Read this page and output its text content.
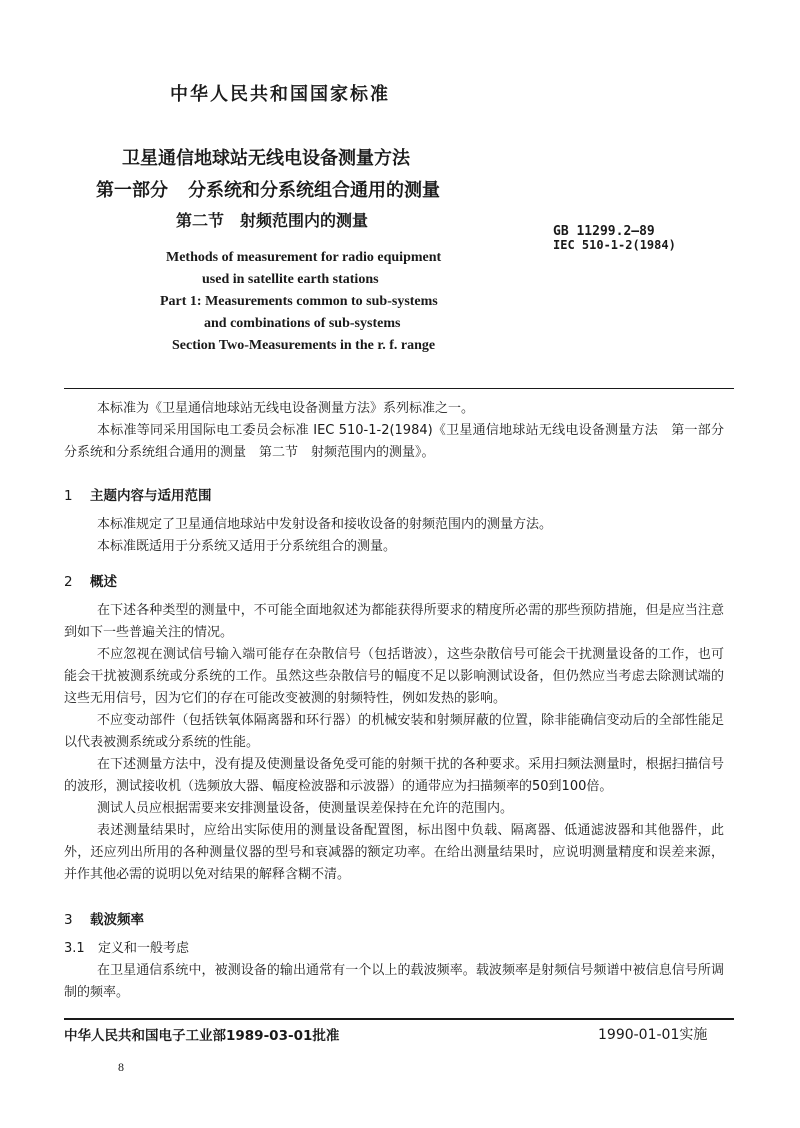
中华人民共和国国家标准
卫星通信地球站无线电设备测量方法
第一部分 分系统和分系统组合通用的测量
第二节　射频范围内的测量
GB 11299.2—89
IEC 510-1-2(1984)
Methods of measurement for radio equipment
used in satellite earth stations
Part 1: Measurements common to sub-systems
and combinations of sub-systems
Section Two-Measurements in the r. f. range

本标准为《卫星通信地球站无线电设备测量方法》系列标准之一。

本标准等同采用国际电工委员会标准 IEC 510-1-2(1984)《卫星通信地球站无线电设备测量方法　第一部分　分系统和分系统组合通用的测量　第二节　射频范围内的测量》。

1 主题内容与适用范围

本标准规定了卫星通信地球站中发射设备和接收设备的射频范围内的测量方法。

本标准既适用于分系统又适用于分系统组合的测量。

2 概述

在下述各种类型的测量中，不可能全面地叙述为都能获得所要求的精度所必需的那些预防措施，但是应当注意到如下一些普遍关注的情况。

不应忽视在测试信号输入端可能存在杂散信号（包括谐波），这些杂散信号可能会干扰测量设备的工作，也可能会干扰被测系统或分系统的工作。虽然这些杂散信号的幅度不足以影响测试设备，但仍然应当考虑去除测试端的这些无用信号，因为它们的存在可能改变被测的射频特性，例如发热的影响。

不应变动部件（包括铁氧体隔离器和环行器）的机械安装和射频屏蔽的位置，除非能确信变动后的全部性能足以代表被测系统或分系统的性能。

在下述测量方法中，没有提及使测量设备免受可能的射频干扰的各种要求。采用扫频法测量时，根据扫描信号的波形，测试接收机（选频放大器、幅度检波器和示波器）的通带应为扫描频率的50到100倍。

测试人员应根据需要来安排测量设备，使测量误差保持在允许的范围内。

表述测量结果时，应给出实际使用的测量设备配置图，标出图中负载、隔离器、低通滤波器和其他器件，此外，还应列出所用的各种测量仪器的型号和衰减器的额定功率。在给出测量结果时，应说明测量精度和误差来源，并作其他必需的说明以免对结果的解释含糊不清。

3 载波频率

3.1 定义和一般考虑

在卫星通信系统中，被测设备的输出通常有一个以上的载波频率。载波频率是射频信号频谱中被信息信号所调制的频率。

中华人民共和国电子工业部1989-03-01批准	1990-01-01实施
8
